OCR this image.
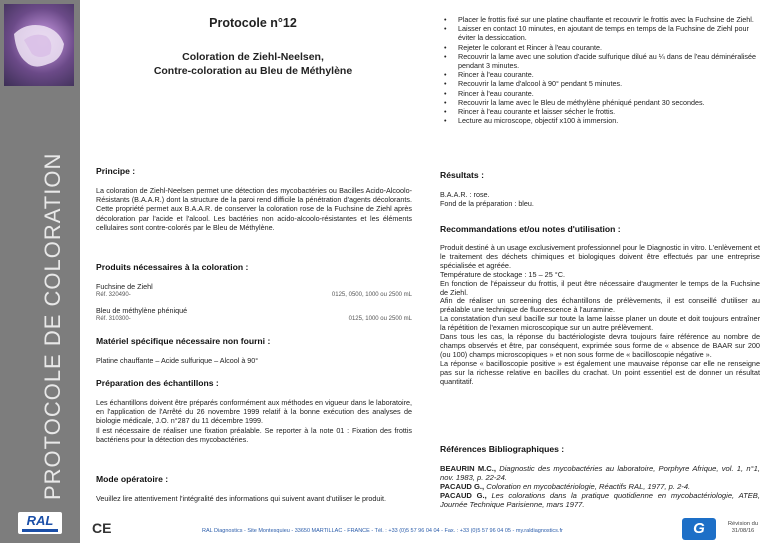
PROTOCOLE DE COLORATION
RAL
Protocole n°12
Coloration de Ziehl-Neelsen,
Contre-coloration au Bleu de Méthylène
Principe :
La coloration de Ziehl-Neelsen permet une détection des mycobactéries ou Bacilles Acido-Alcoolo-Résistants (B.A.A.R.) dont la structure de la paroi rend difficile la pénétration d'agents décolorants. Cette propriété permet aux B.A.A.R. de conserver la coloration rose de la Fuchsine de Ziehl après décoloration par l'acide et l'alcool. Les bactéries non acido-alcoolo-résistantes et les éléments cellulaires sont contre-colorés par le Bleu de Méthylène.
Produits nécessaires à la coloration :
Fuchsine de Ziehl
Réf. 320490-	0125, 0500, 1000 ou 2500 mL
Bleu de méthylène phéniqué
Réf. 310300-	0125, 1000 ou 2500 mL
Matériel spécifique nécessaire non fourni :
Platine chauffante – Acide sulfurique – Alcool à 90°
Préparation des échantillons :
Les échantillons doivent être préparés conformément aux méthodes en vigueur dans le laboratoire, en l'application de l'Arrêté du 26 novembre 1999 relatif à la bonne exécution des analyses de biologie médicale, J.O. n°287 du 11 décembre 1999.
Il est nécessaire de réaliser une fixation préalable. Se reporter à la note 01 : Fixation des frottis bactériens pour la détection des mycobactéries.
Mode opératoire :
Veuillez lire attentivement l'intégralité des informations qui suivent avant d'utiliser le produit.
• Placer le frottis fixé sur une platine chauffante et recouvrir le frottis avec la Fuchsine de Ziehl.
• Laisser en contact 10 minutes, en ajoutant de temps en temps de la Fuchsine de Ziehl pour éviter la dessiccation.
• Rejeter le colorant et Rincer à l'eau courante.
• Recouvrir la lame avec une solution d'acide sulfurique dilué au ¼ dans de l'eau déminéralisée pendant 3 minutes.
• Rincer à l'eau courante.
• Recouvrir la lame d'alcool à 90° pendant 5 minutes.
• Rincer à l'eau courante.
• Recouvrir la lame avec le Bleu de méthylène phéniqué pendant 30 secondes.
• Rincer à l'eau courante et laisser sécher le frottis.
• Lecture au microscope, objectif x100 à immersion.
Résultats :
B.A.A.R. : rose.
Fond de la préparation : bleu.
Recommandations et/ou notes d'utilisation :
Produit destiné à un usage exclusivement professionnel pour le Diagnostic in vitro. L'enlèvement et le traitement des déchets chimiques et biologiques doivent être effectués par une entreprise spécialisée et agréée.
Température de stockage : 15 – 25 °C.
En fonction de l'épaisseur du frottis, il peut être nécessaire d'augmenter le temps de la Fuchsine de Ziehl.
Afin de réaliser un screening des échantillons de prélèvements, il est conseillé d'utiliser au préalable une technique de fluorescence à l'auramine.
La constatation d'un seul bacille sur toute la lame laisse planer un doute et doit toujours entraîner la répétition de l'examen microscopique sur un autre prélèvement.
Dans tous les cas, la réponse du bactériologiste devra toujours faire référence au nombre de champs observés et être, par conséquent, exprimée sous forme de « absence de BAAR sur 200 (ou 100) champs microscopiques » et non sous forme de « bacilloscopie négative ».
La réponse « bacilloscopie positive » est également une mauvaise réponse car elle ne renseigne pas sur la richesse relative en bacilles du crachat. Un point essentiel est de donner un résultat quantitatif.
Références Bibliographiques :

BEAURIN M.C., Diagnostic des mycobactéries au laboratoire, Porphyre Afrique, vol. 1, n°1, nov. 1983, p. 22-24.

PACAUD G., Coloration en mycobactériologie, Réactifs RAL, 1977, p. 2-4.

PACAUD G., Les colorations dans la pratique quotidienne en mycobactériologie, ATEB, Journée Technique Parisienne, mars 1977.

CE	RAL Diagnostics - Site Montesquieu - 33650 MARTILLAC - FRANCE - Tél. : +33 (0)5 57 96 04 04 - Fax. : +33 (0)5 57 96 04 05 - my.raldiagnostics.fr	G	Révision du
31/08/16
